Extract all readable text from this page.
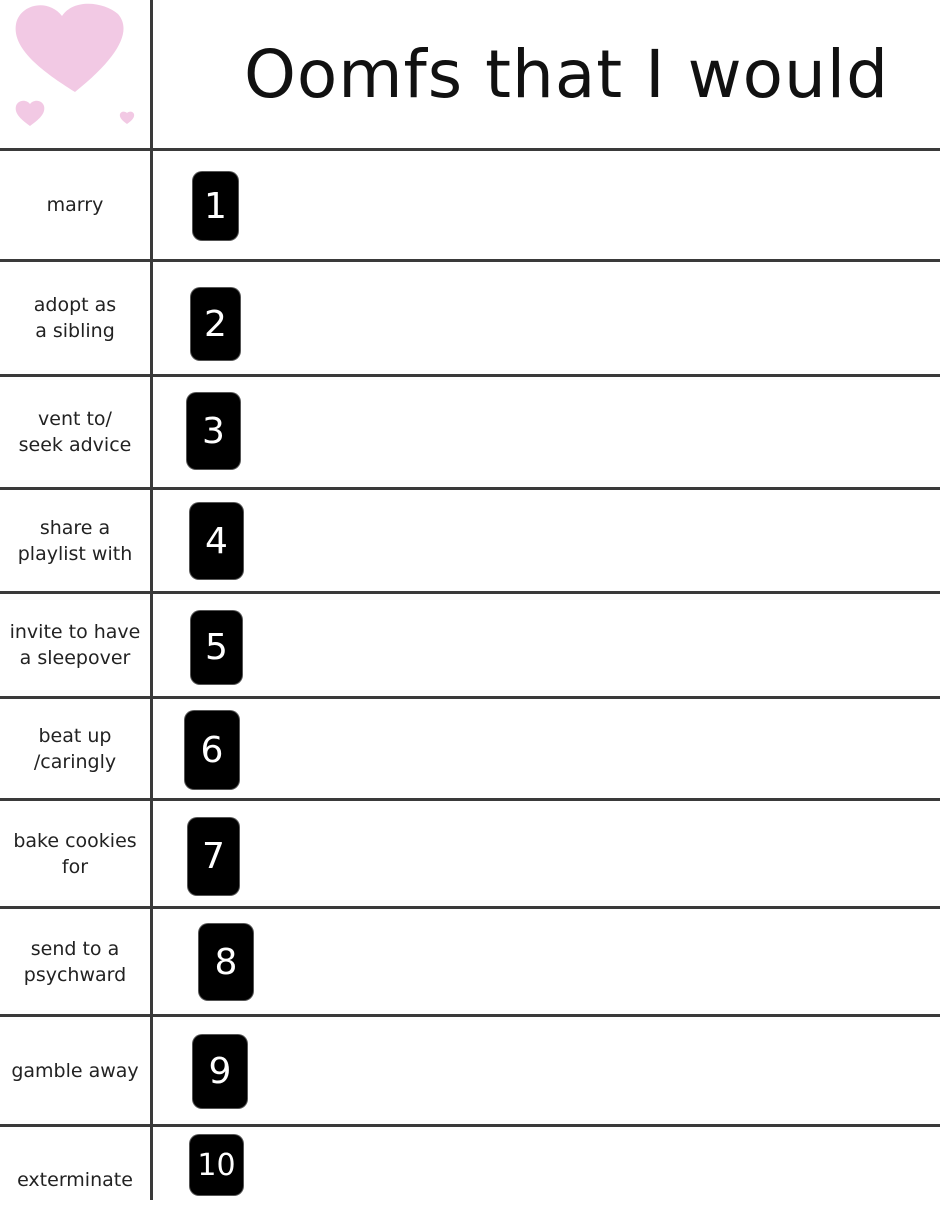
Oomfs that I would
marry
adopt as
a sibling
vent to/
seek advice
share a
playlist with
invite to have
a sleepover
beat up
/caringly
bake cookies
for
send to a
psychward
gamble away
exterminate
1
2
3
4
5
6
7
8
9
10
